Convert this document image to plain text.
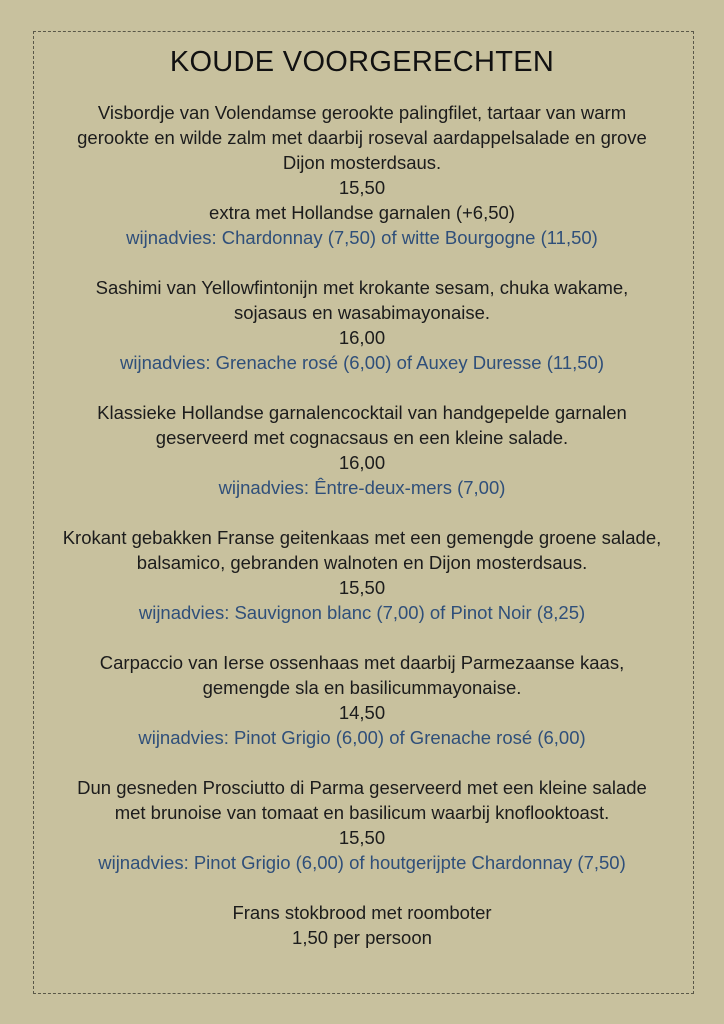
KOUDE VOORGERECHTEN
Visbordje van Volendamse gerookte palingfilet, tartaar van warm
gerookte en wilde zalm met daarbij roseval aardappelsalade en grove
Dijon mosterdsaus.
15,50
extra met Hollandse garnalen (+6,50)
wijnadvies: Chardonnay (7,50) of witte Bourgogne (11,50)
Sashimi van Yellowfintonijn met krokante sesam, chuka wakame,
sojasaus en wasabimayonaise.
16,00
wijnadvies: Grenache rosé (6,00) of Auxey Duresse (11,50)
Klassieke Hollandse garnalencocktail van handgepelde garnalen
geserveerd met cognacsaus en een kleine salade.
16,00
wijnadvies: Êntre-deux-mers (7,00)
Krokant gebakken Franse geitenkaas met een gemengde groene salade,
balsamico, gebranden walnoten en Dijon mosterdsaus.
15,50
wijnadvies: Sauvignon blanc (7,00) of Pinot Noir (8,25)
Carpaccio van Ierse ossenhaas met daarbij Parmezaanse kaas,
gemengde sla en basilicummayonaise.
14,50
wijnadvies: Pinot Grigio (6,00) of Grenache rosé (6,00)
Dun gesneden Prosciutto di Parma geserveerd met een kleine salade
met brunoise van tomaat en basilicum waarbij knoflooktoast.
15,50
wijnadvies: Pinot Grigio (6,00) of houtgerijpte Chardonnay (7,50)
Frans stokbrood met roomboter
1,50 per persoon
